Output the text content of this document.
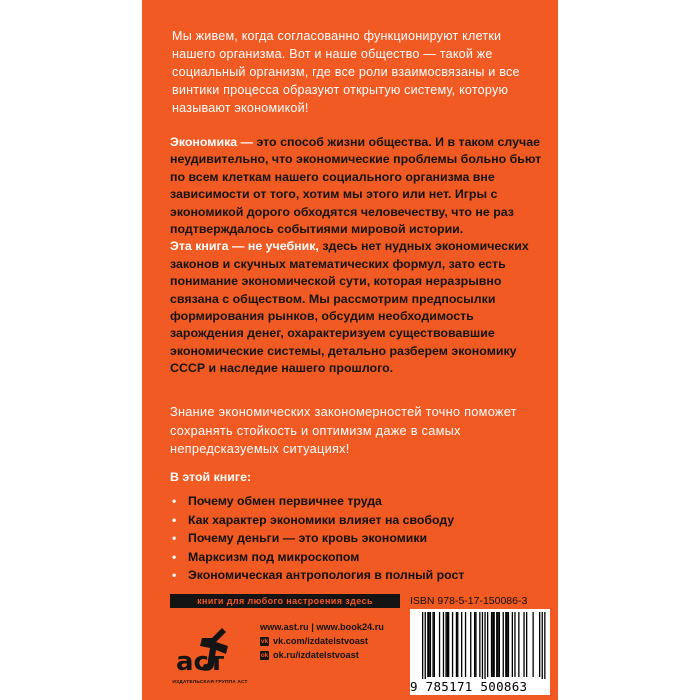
Мы живем, когда согласованно функционируют клетки нашего организма. Вот и наше общество — такой же социальный организм, где все роли взаимосвязаны и все винтики процесса образуют открытую систему, которую называют экономикой!

Экономика — это способ жизни общества. И в таком случае неудивительно, что экономические проблемы больно бьют по всем клеткам нашего социального организма вне зависимости от того, хотим мы этого или нет. Игры с экономикой дорого обходятся человечеству, что не раз подтверждалось событиями мировой истории.

Эта книга — не учебник, здесь нет нудных экономических законов и скучных математических формул, зато есть понимание экономической сути, которая неразрывно связана с обществом. Мы рассмотрим предпосылки формирования рынков, обсудим необходимость зарождения денег, охарактеризуем существовавшие экономические системы, детально разберем экономику СССР и наследие нашего прошлого.

Знание экономических закономерностей точно поможет сохранять стойкость и оптимизм даже в самых непредсказуемых ситуациях!
В этой книге:
• Почему обмен первичнее труда
• Как характер экономики влияет на свободу
• Почему деньги — это кровь экономики
• Марксизм под микроскопом
• Экономическая антропология в полный рост
книги для любого настроения здесь	ISBN 978-5-17-150086-3
аст
ИЗДАТЕЛЬСКАЯ ГРУППА АСТ
www.ast.ru | www.book24.ru
vk vk.com/izdatelstvoast
ok ok.ru/izdatelstvoast
9 785171 500863
